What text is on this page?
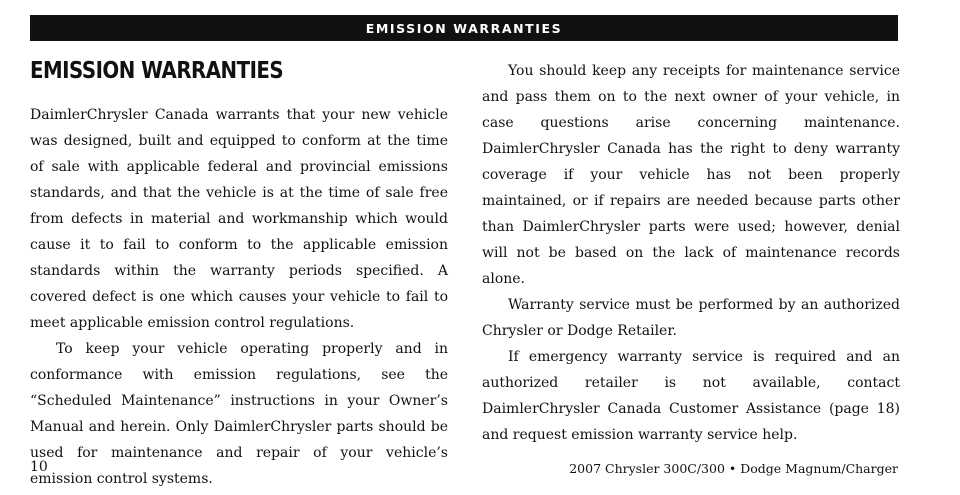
EMISSION WARRANTIES
EMISSION WARRANTIES

DaimlerChrysler Canada warrants that your new vehicle was designed, built and equipped to conform at the time of sale with applicable federal and provincial emissions standards, and that the vehicle is at the time of sale free from defects in material and workmanship which would cause it to fail to conform to the applicable emission standards within the warranty periods specified. A covered defect is one which causes your vehicle to fail to meet applicable emission control regulations.

To keep your vehicle operating properly and in conformance with emission regulations, see the “Scheduled Maintenance” instructions in your Owner’s Manual and herein. Only DaimlerChrysler parts should be used for maintenance and repair of your vehicle’s emission control systems.

You should keep any receipts for maintenance service and pass them on to the next owner of your vehicle, in case questions arise concerning maintenance. DaimlerChrysler Canada has the right to deny warranty coverage if your vehicle has not been properly maintained, or if repairs are needed because parts other than DaimlerChrysler parts were used; however, denial will not be based on the lack of maintenance records alone.

Warranty service must be performed by an authorized Chrysler or Dodge Retailer.

If emergency warranty service is required and an authorized retailer is not available, contact DaimlerChrysler Canada Customer Assistance (page 18) and request emission warranty service help.

10	2007 Chrysler 300C/300 • Dodge Magnum/Charger
